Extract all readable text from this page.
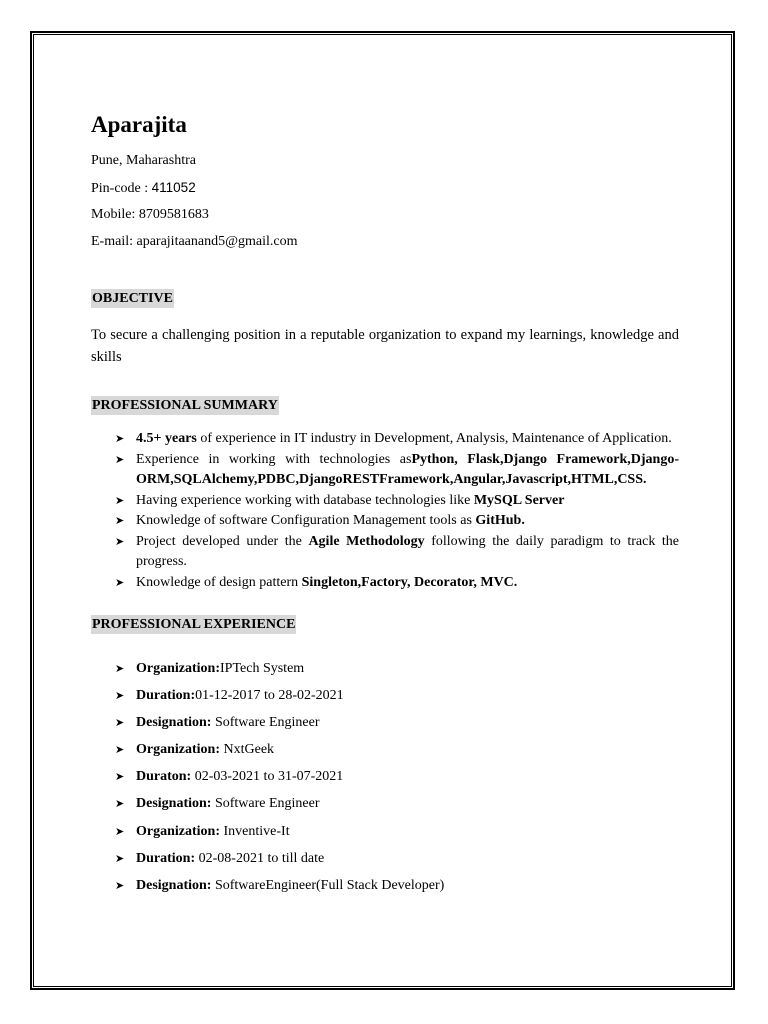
Aparajita
Pune, Maharashtra
Pin-code : 411052
Mobile: 8709581683
E-mail: aparajitaanand5@gmail.com
OBJECTIVE
To secure a challenging position in a reputable organization to expand my learnings, knowledge and skills
PROFESSIONAL SUMMARY
➤ 4.5+ years of experience in IT industry in Development, Analysis, Maintenance of Application.
➤ Experience in working with technologies asPython, Flask,Django Framework,Django-ORM,SQLAlchemy,PDBC,DjangoRESTFramework,Angular,Javascript,HTML,CSS.
➤ Having experience working with database technologies like MySQL Server
➤ Knowledge of software Configuration Management tools as GitHub.
➤ Project developed under the Agile Methodology following the daily paradigm to track the progress.
➤ Knowledge of design pattern Singleton,Factory, Decorator, MVC.
PROFESSIONAL EXPERIENCE
➤ Organization:IPTech System
➤ Duration:01-12-2017 to 28-02-2021
➤ Designation: Software Engineer
➤ Organization: NxtGeek
➤ Duraton: 02-03-2021 to 31-07-2021
➤ Designation: Software Engineer
➤ Organization: Inventive-It
➤ Duration: 02-08-2021 to till date
➤ Designation: SoftwareEngineer(Full Stack Developer)
